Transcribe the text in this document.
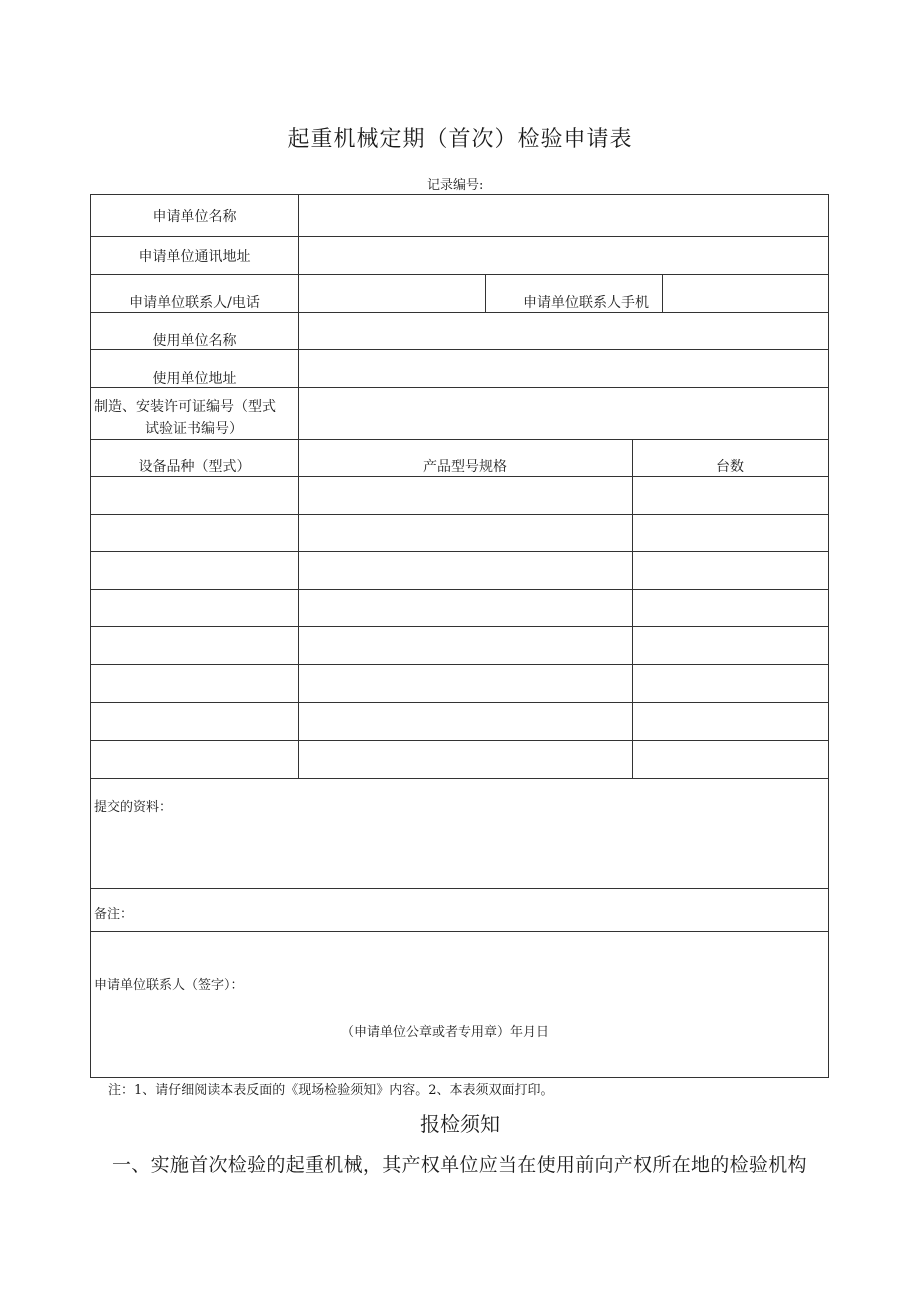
起重机械定期（首次）检验申请表
记录编号:
申请单位名称
申请单位通讯地址
申请单位联系人/电话	申请单位联系人手机
使用单位名称
使用单位地址
制造、安装许可证编号（型式
试验证书编号）
设备品种（型式）	产品型号规格	台数
提交的资料：
备注：
申请单位联系人（签字）：
（申请单位公章或者专用章）年月日
注：1、请仔细阅读本表反面的《现场检验须知》内容。2、本表须双面打印。
报检须知
一、实施首次检验的起重机械，其产权单位应当在使用前向产权所在地的检验机构
